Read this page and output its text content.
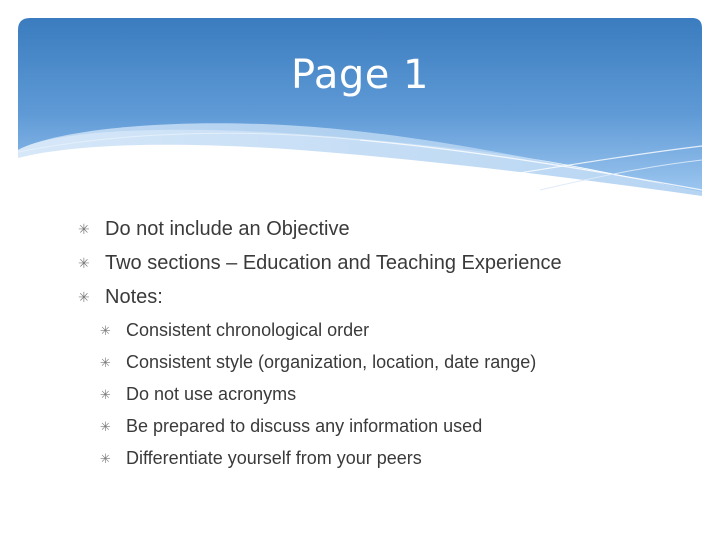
Page 1
✳ Do not include an Objective
✳ Two sections – Education and Teaching Experience
✳ Notes:
✳ Consistent chronological order
✳ Consistent style (organization, location, date range)
✳ Do not use acronyms
✳ Be prepared to discuss any information used
✳ Differentiate yourself from your peers
